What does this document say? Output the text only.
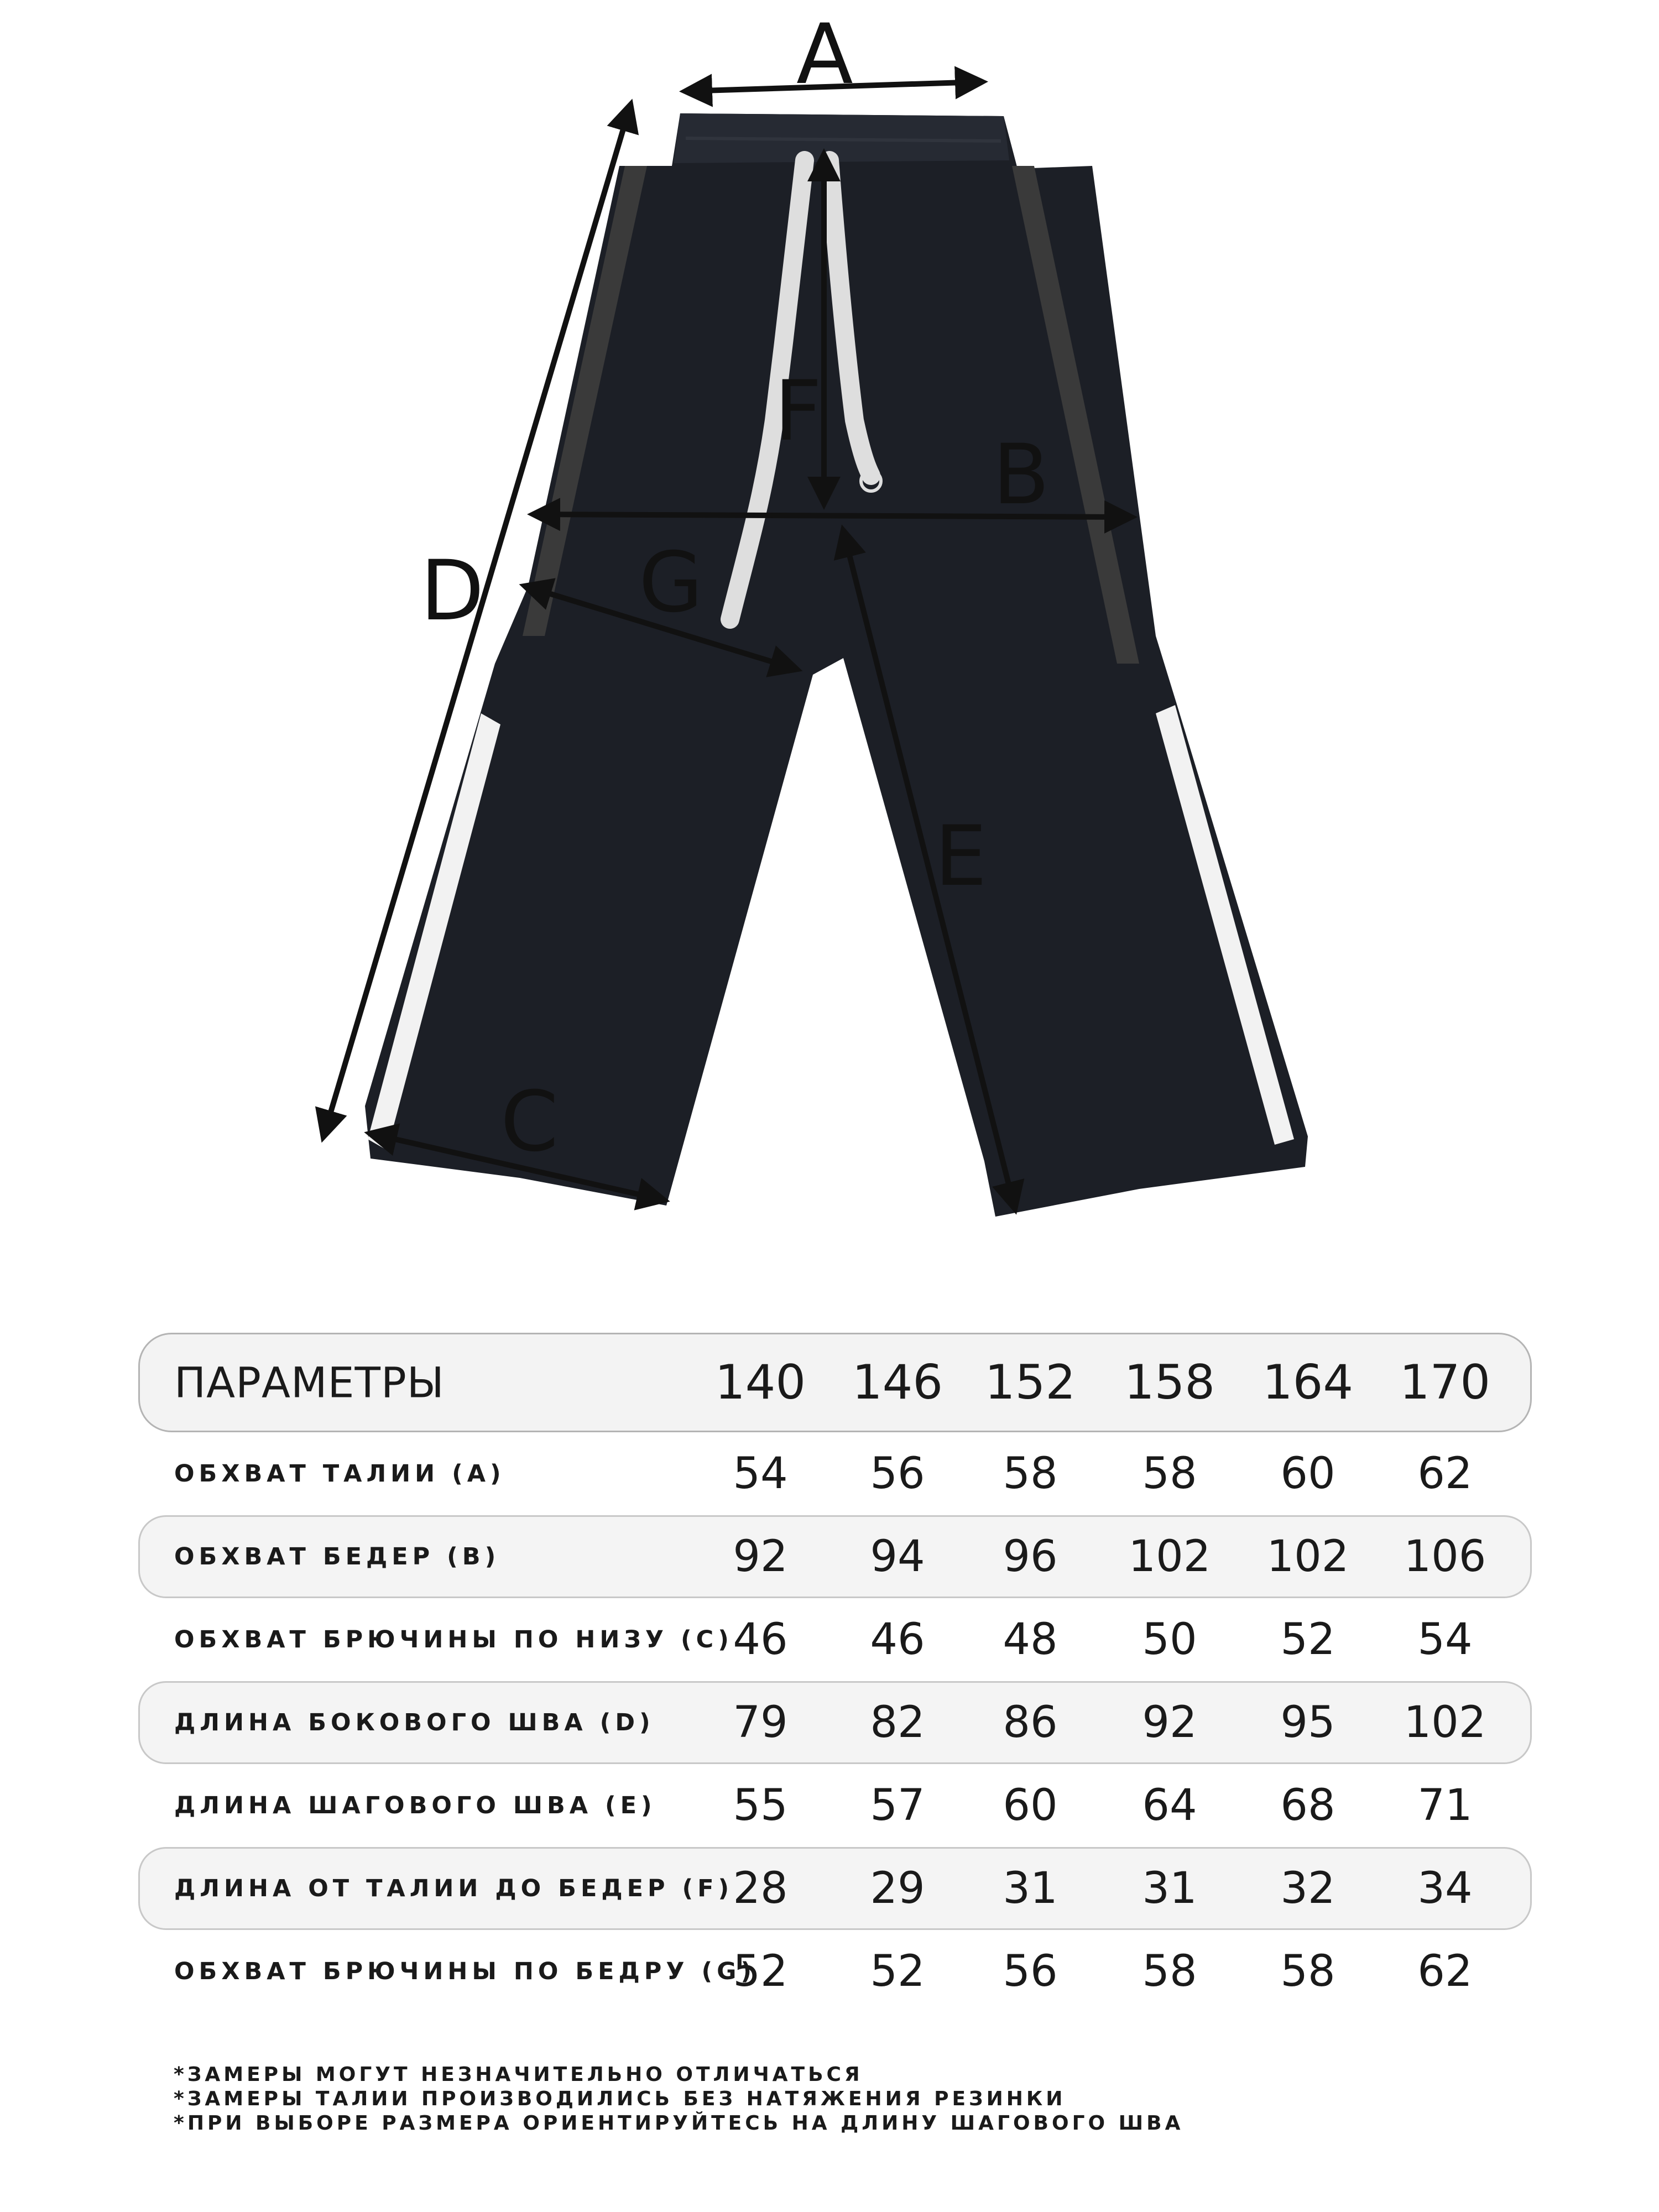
A
B
C
D
E
F
G
ПАРАМЕТРЫ	140 146 152 158 164 170
ОБХВАТ ТАЛИИ (А)	54 56 58 58 60 62
ОБХВАТ БЕДЕР (B)	92 94 96 102 102 106
ОБХВАТ БРЮЧИНЫ ПО НИЗУ (C) 46 46 48 50 52 54
ДЛИНА БОКОВОГО ШВА (D) 79 82 86 92 95 102
ДЛИНА ШАГОВОГО ШВА (E) 55 57 60 64 68 71
ДЛИНА ОТ ТАЛИИ ДО БЕДЕР (F) 28 29 31 31 32 34
ОБХВАТ БРЮЧИНЫ ПО БЕДРУ (G)
52 52 56 58 58 62
*ЗАМЕРЫ МОГУТ НЕЗНАЧИТЕЛЬНО ОТЛИЧАТЬСЯ
*ЗАМЕРЫ ТАЛИИ ПРОИЗВОДИЛИСЬ БЕЗ НАТЯЖЕНИЯ РЕЗИНКИ
*ПРИ ВЫБОРЕ РАЗМЕРА ОРИЕНТИРУЙТЕСЬ НА ДЛИНУ ШАГОВОГО ШВА
